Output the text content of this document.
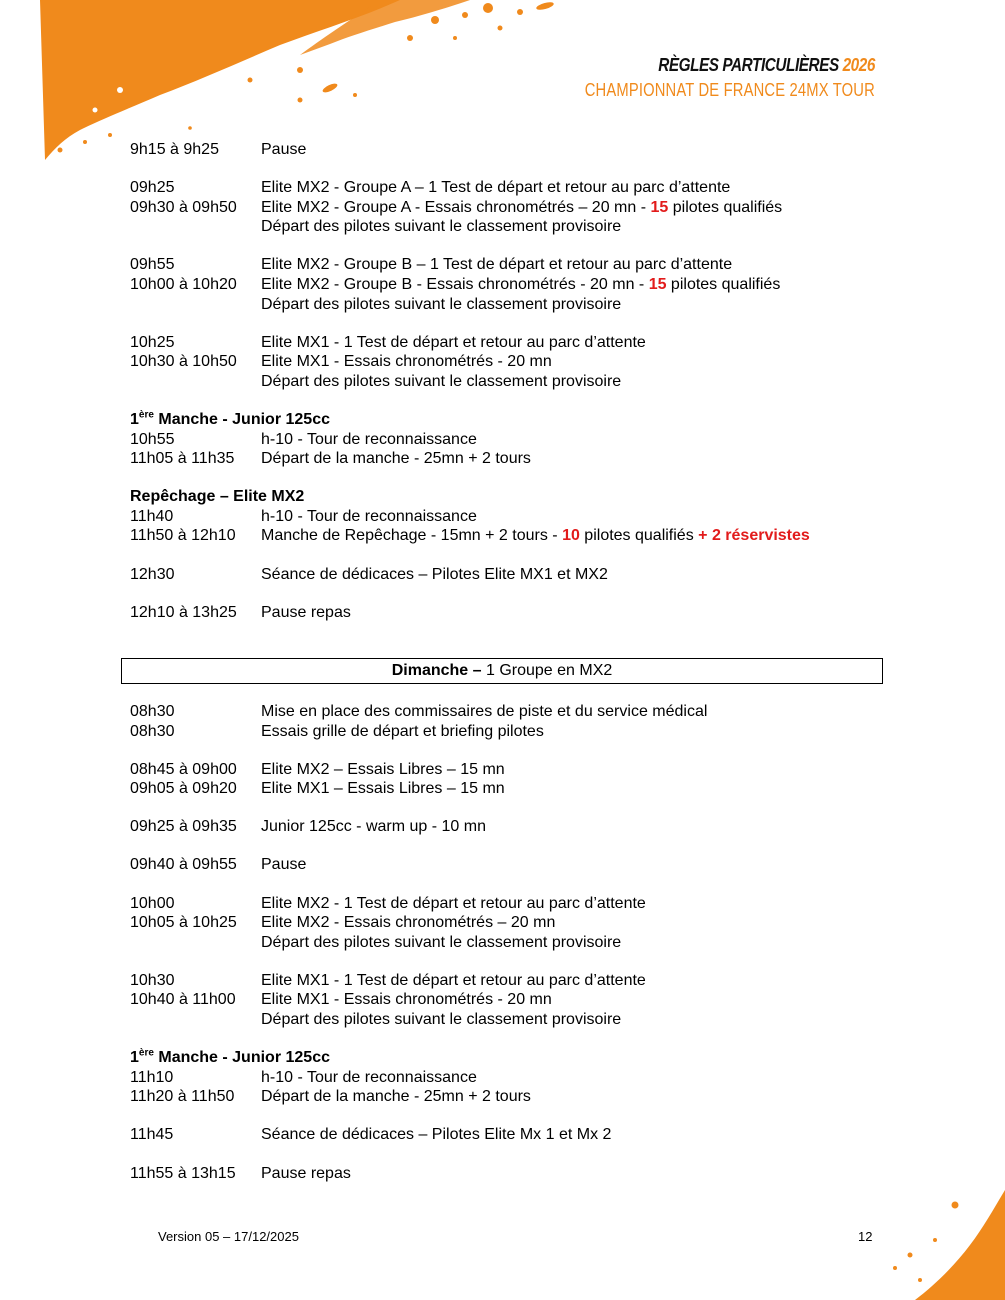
RÈGLES PARTICULIÈRES 2026
CHAMPIONNAT DE FRANCE 24MX TOUR
9h15 à 9h25	Pause
09h25	Elite MX2 - Groupe A – 1 Test de départ et retour au parc d’attente
09h30 à 09h50	Elite MX2 - Groupe A - Essais chronométrés – 20 mn - 15 pilotes qualifiés
Départ des pilotes suivant le classement provisoire
09h55	Elite MX2 - Groupe B – 1 Test de départ et retour au parc d’attente
10h00 à 10h20	Elite MX2 - Groupe B - Essais chronométrés - 20 mn - 15 pilotes qualifiés
Départ des pilotes suivant le classement provisoire
10h25	Elite MX1 - 1 Test de départ et retour au parc d’attente
10h30 à 10h50	Elite MX1 - Essais chronométrés - 20 mn
Départ des pilotes suivant le classement provisoire
1ère Manche - Junior 125cc
10h55	h-10 - Tour de reconnaissance
11h05 à 11h35	Départ de la manche - 25mn + 2 tours
Repêchage – Elite MX2
11h40	h-10 - Tour de reconnaissance
11h50 à 12h10	Manche de Repêchage - 15mn + 2 tours - 10 pilotes qualifiés + 2 réservistes
12h30	Séance de dédicaces – Pilotes Elite MX1 et MX2
12h10 à 13h25	Pause repas
Dimanche – 1 Groupe en MX2
08h30	Mise en place des commissaires de piste et du service médical
08h30	Essais grille de départ et briefing pilotes
08h45 à 09h00	Elite MX2 – Essais Libres – 15 mn
09h05 à 09h20	Elite MX1 – Essais Libres – 15 mn
09h25 à 09h35	Junior 125cc - warm up - 10 mn
09h40 à 09h55	Pause
10h00	Elite MX2 - 1 Test de départ et retour au parc d’attente
10h05 à 10h25	Elite MX2 - Essais chronométrés – 20 mn
Départ des pilotes suivant le classement provisoire
10h30	Elite MX1 - 1 Test de départ et retour au parc d’attente
10h40 à 11h00	Elite MX1 - Essais chronométrés - 20 mn
Départ des pilotes suivant le classement provisoire
1ère Manche - Junior 125cc
11h10	h-10 - Tour de reconnaissance
11h20 à 11h50	Départ de la manche - 25mn + 2 tours
11h45	Séance de dédicaces – Pilotes Elite Mx 1 et Mx 2
11h55 à 13h15	Pause repas
Version 05 – 17/12/2025	12
